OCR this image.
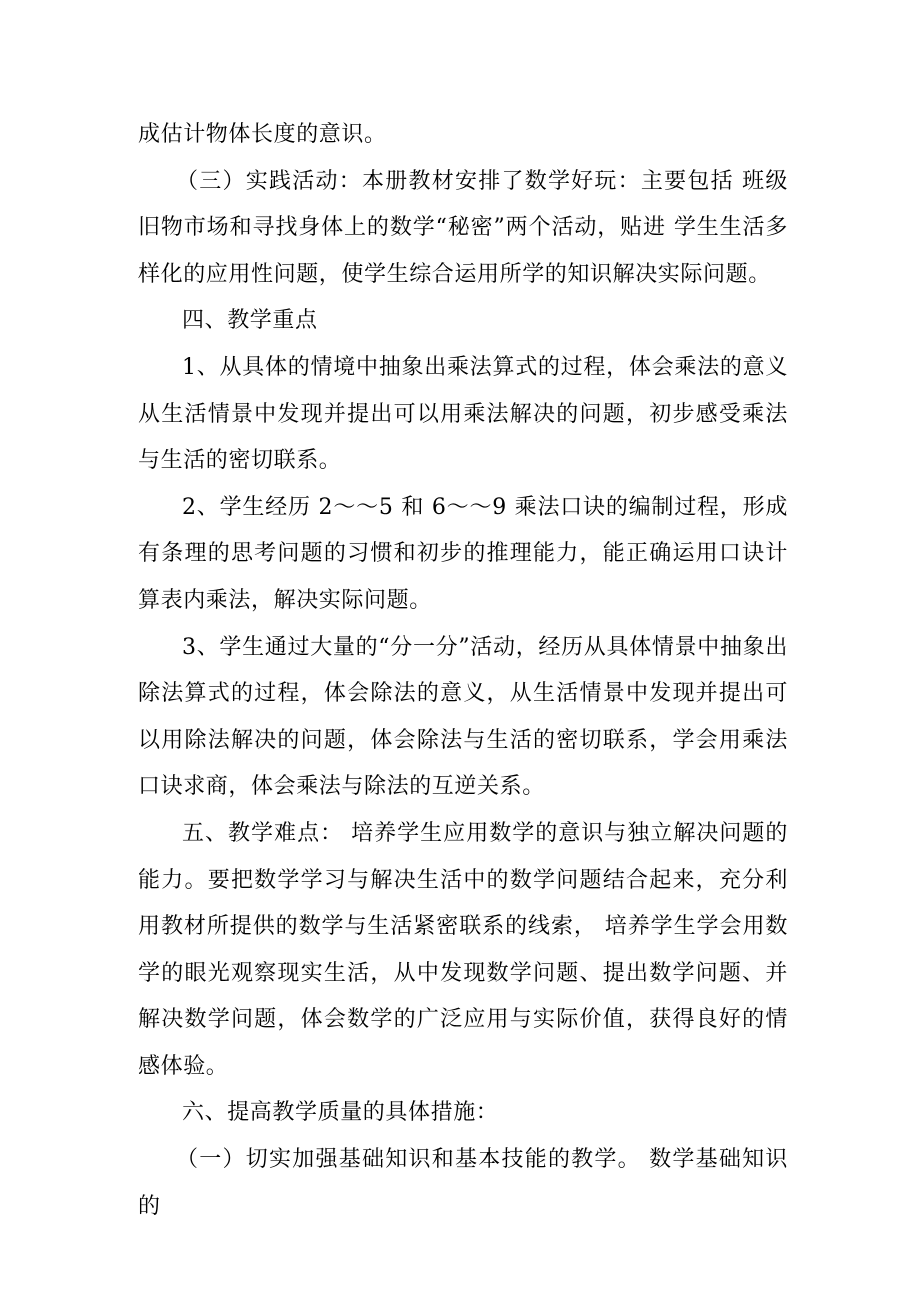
成估计物体长度的意识。

（三）实践活动：本册教材安排了数学好玩：主要包括 班级旧物市场和寻找身体上的数学“秘密”两个活动，贴进 学生生活多样化的应用性问题，使学生综合运用所学的知识解决实际问题。

四、教学重点

1、从具体的情境中抽象出乘法算式的过程，体会乘法的意义从生活情景中发现并提出可以用乘法解决的问题，初步感受乘法与生活的密切联系。

2、学生经历 2～～5 和 6～～9 乘法口诀的编制过程，形成有条理的思考问题的习惯和初步的推理能力，能正确运用口诀计算表内乘法，解决实际问题。

3、学生通过大量的“分一分”活动，经历从具体情景中抽象出除法算式的过程，体会除法的意义，从生活情景中发现并提出可以用除法解决的问题，体会除法与生活的密切联系，学会用乘法口诀求商，体会乘法与除法的互逆关系。

五、教学难点： 培养学生应用数学的意识与独立解决问题的能力。要把数学学习与解决生活中的数学问题结合起来，充分利用教材所提供的数学与生活紧密联系的线索， 培养学生学会用数学的眼光观察现实生活，从中发现数学问题、提出数学问题、并解决数学问题，体会数学的广泛应用与实际价值，获得良好的情感体验。

六、提高教学质量的具体措施：

（一）切实加强基础知识和基本技能的教学。 数学基础知识的
